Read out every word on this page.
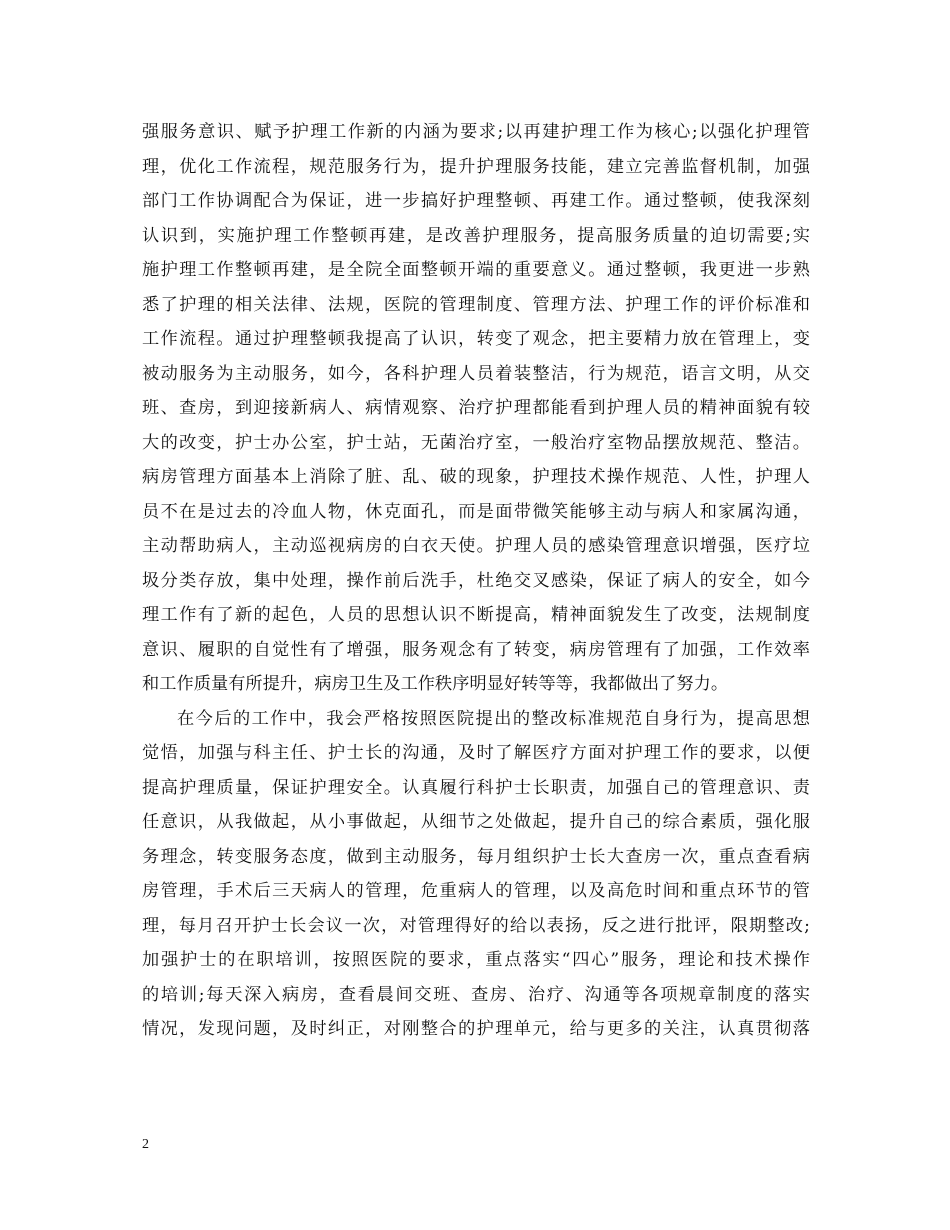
强服务意识、赋予护理工作新的内涵为要求;以再建护理工作为核心;以强化护理管
理，优化工作流程，规范服务行为，提升护理服务技能，建立完善监督机制，加强
部门工作协调配合为保证，进一步搞好护理整顿、再建工作。通过整顿，使我深刻
认识到，实施护理工作整顿再建，是改善护理服务，提高服务质量的迫切需要;实
施护理工作整顿再建，是全院全面整顿开端的重要意义。通过整顿，我更进一步熟
悉了护理的相关法律、法规，医院的管理制度、管理方法、护理工作的评价标准和
工作流程。通过护理整顿我提高了认识，转变了观念，把主要精力放在管理上，变
被动服务为主动服务，如今，各科护理人员着装整洁，行为规范，语言文明，从交
班、查房，到迎接新病人、病情观察、治疗护理都能看到护理人员的精神面貌有较
大的改变，护士办公室，护士站，无菌治疗室，一般治疗室物品摆放规范、整洁。
病房管理方面基本上消除了脏、乱、破的现象，护理技术操作规范、人性，护理人
员不在是过去的冷血人物，休克面孔，而是面带微笑能够主动与病人和家属沟通，
主动帮助病人，主动巡视病房的白衣天使。护理人员的感染管理意识增强，医疗垃
圾分类存放，集中处理，操作前后洗手，杜绝交叉感染，保证了病人的安全，如今
理工作有了新的起色，人员的思想认识不断提高，精神面貌发生了改变，法规制度
意识、履职的自觉性有了增强，服务观念有了转变，病房管理有了加强，工作效率
和工作质量有所提升，病房卫生及工作秩序明显好转等等，我都做出了努力。
在今后的工作中，我会严格按照医院提出的整改标准规范自身行为，提高思想
觉悟，加强与科主任、护士长的沟通，及时了解医疗方面对护理工作的要求，以便
提高护理质量，保证护理安全。认真履行科护士长职责，加强自己的管理意识、责
任意识，从我做起，从小事做起，从细节之处做起，提升自己的综合素质，强化服
务理念，转变服务态度，做到主动服务，每月组织护士长大查房一次，重点查看病
房管理，手术后三天病人的管理，危重病人的管理，以及高危时间和重点环节的管
理，每月召开护士长会议一次，对管理得好的给以表扬，反之进行批评，限期整改;
加强护士的在职培训，按照医院的要求，重点落实“四心”服务，理论和技术操作
的培训;每天深入病房，查看晨间交班、查房、治疗、沟通等各项规章制度的落实
情况，发现问题，及时纠正，对刚整合的护理单元，给与更多的关注，认真贯彻落
2
